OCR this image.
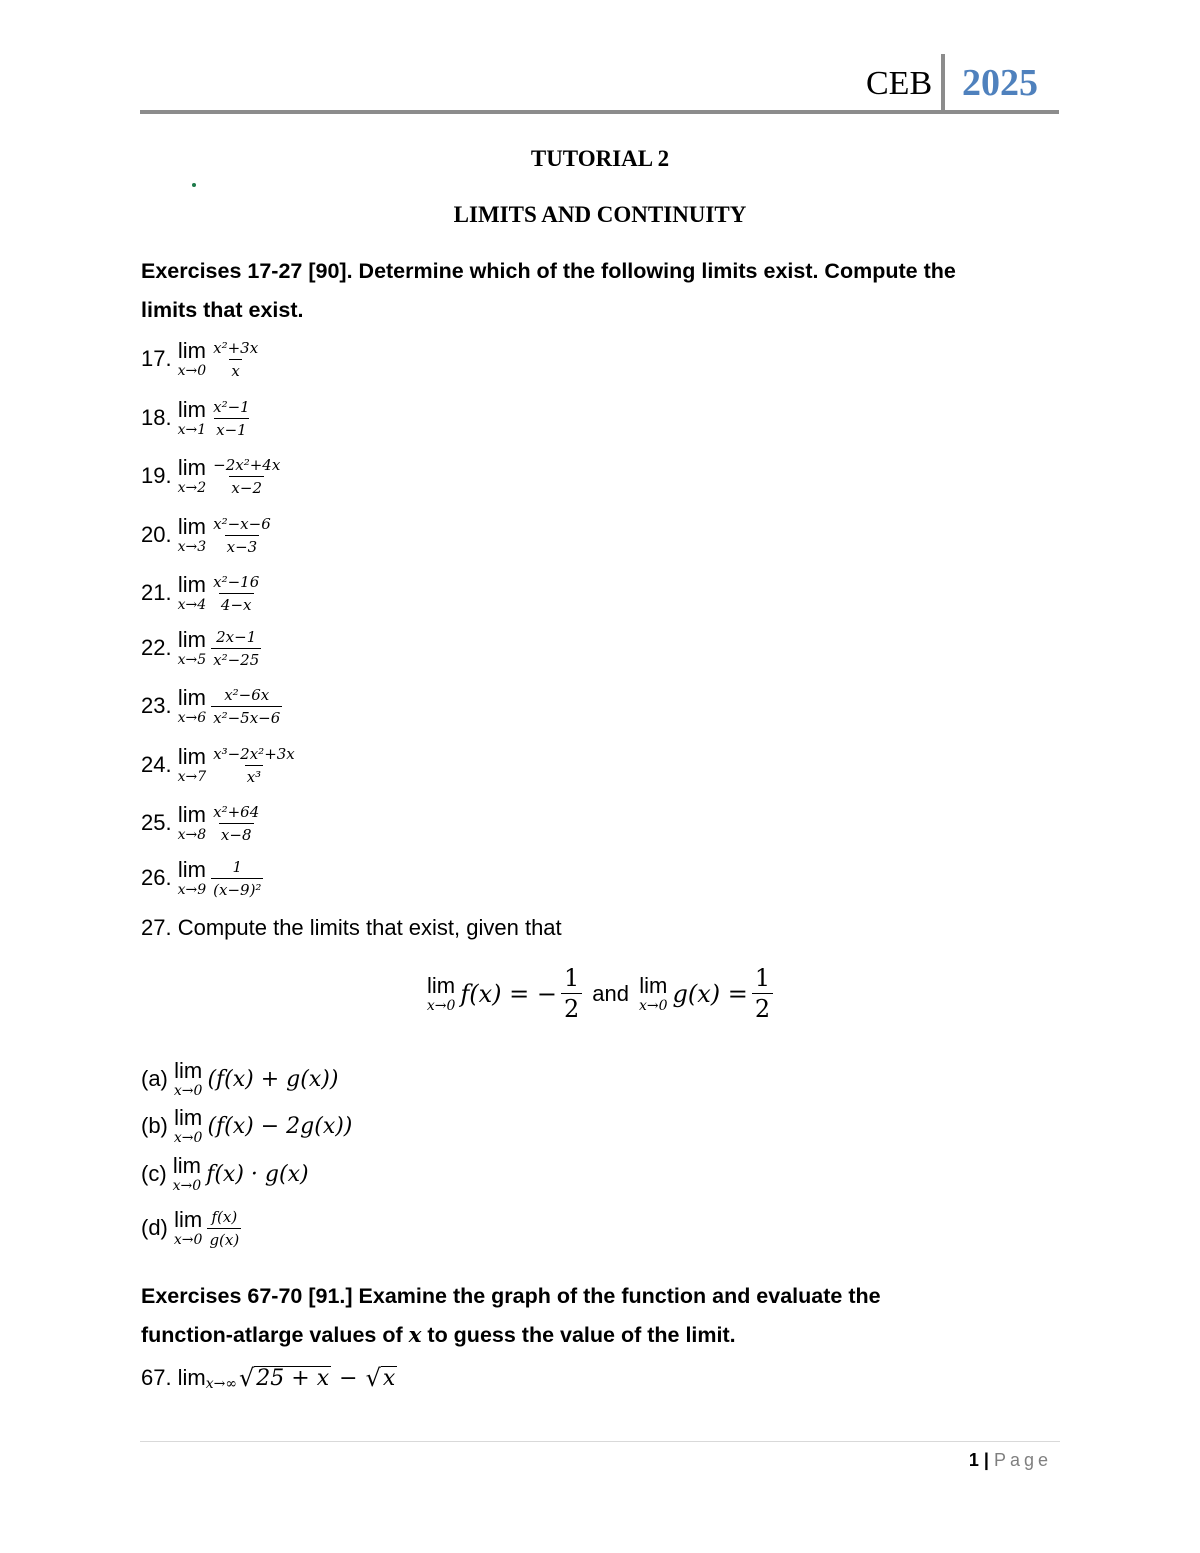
CEB 2025
TUTORIAL 2
LIMITS AND CONTINUITY
Exercises 17-27 [90]. Determine which of the following limits exist. Compute the
limits that exist.
17. lim
$x\to 0 \frac{\text{x²+3x}}{x}$
18. lim
$x\to 1 \frac{\text{x²−1}}{x-1}$
19. lim
$x\to 2 \frac{\text{−2x²+4x}}{x-2}$
20. lim
$x\to 3 \frac{\text{x²−x−6}}{x-3}$
21. lim
$x\to 4 \frac{\text{x²−16}}{4-x}$
22. lim
$x\to 5 \frac{2x-1}{\text{x²−25}}$
23. lim
$x\to 6 \frac{\text{x²−6x}}{\text{x²−5x−6}}$
24. lim
$x\to 7 \frac{\text{x³−2x²+3x}}{\text{x³}}$
25. lim
$x\to 8 \frac{\text{x²+64}}{x-8}$
26. lim
$x\to 9 \frac{1}{\text{(x−9)²}}$
27. Compute the limits that exist, given that
lim
x→0 f(x) = − $\frac{1}{2}$ and lim
x→0 $g(x) = \frac{1}{2}$
(a) lim
x→0 (f(x) + g(x))
(b) lim
x→0 (f(x) − 2g(x))
(c) lim
x→0 f(x) · g(x)
(d) lim
$x\to 0 \frac{f(x)}{g(x)}$
Exercises 67-70 [91.] Examine the graph of the function and evaluate the
function-atlarge values of x to guess the value of the limit.
67. lim x→∞ √ 25 + x − √ x
1 | Page
